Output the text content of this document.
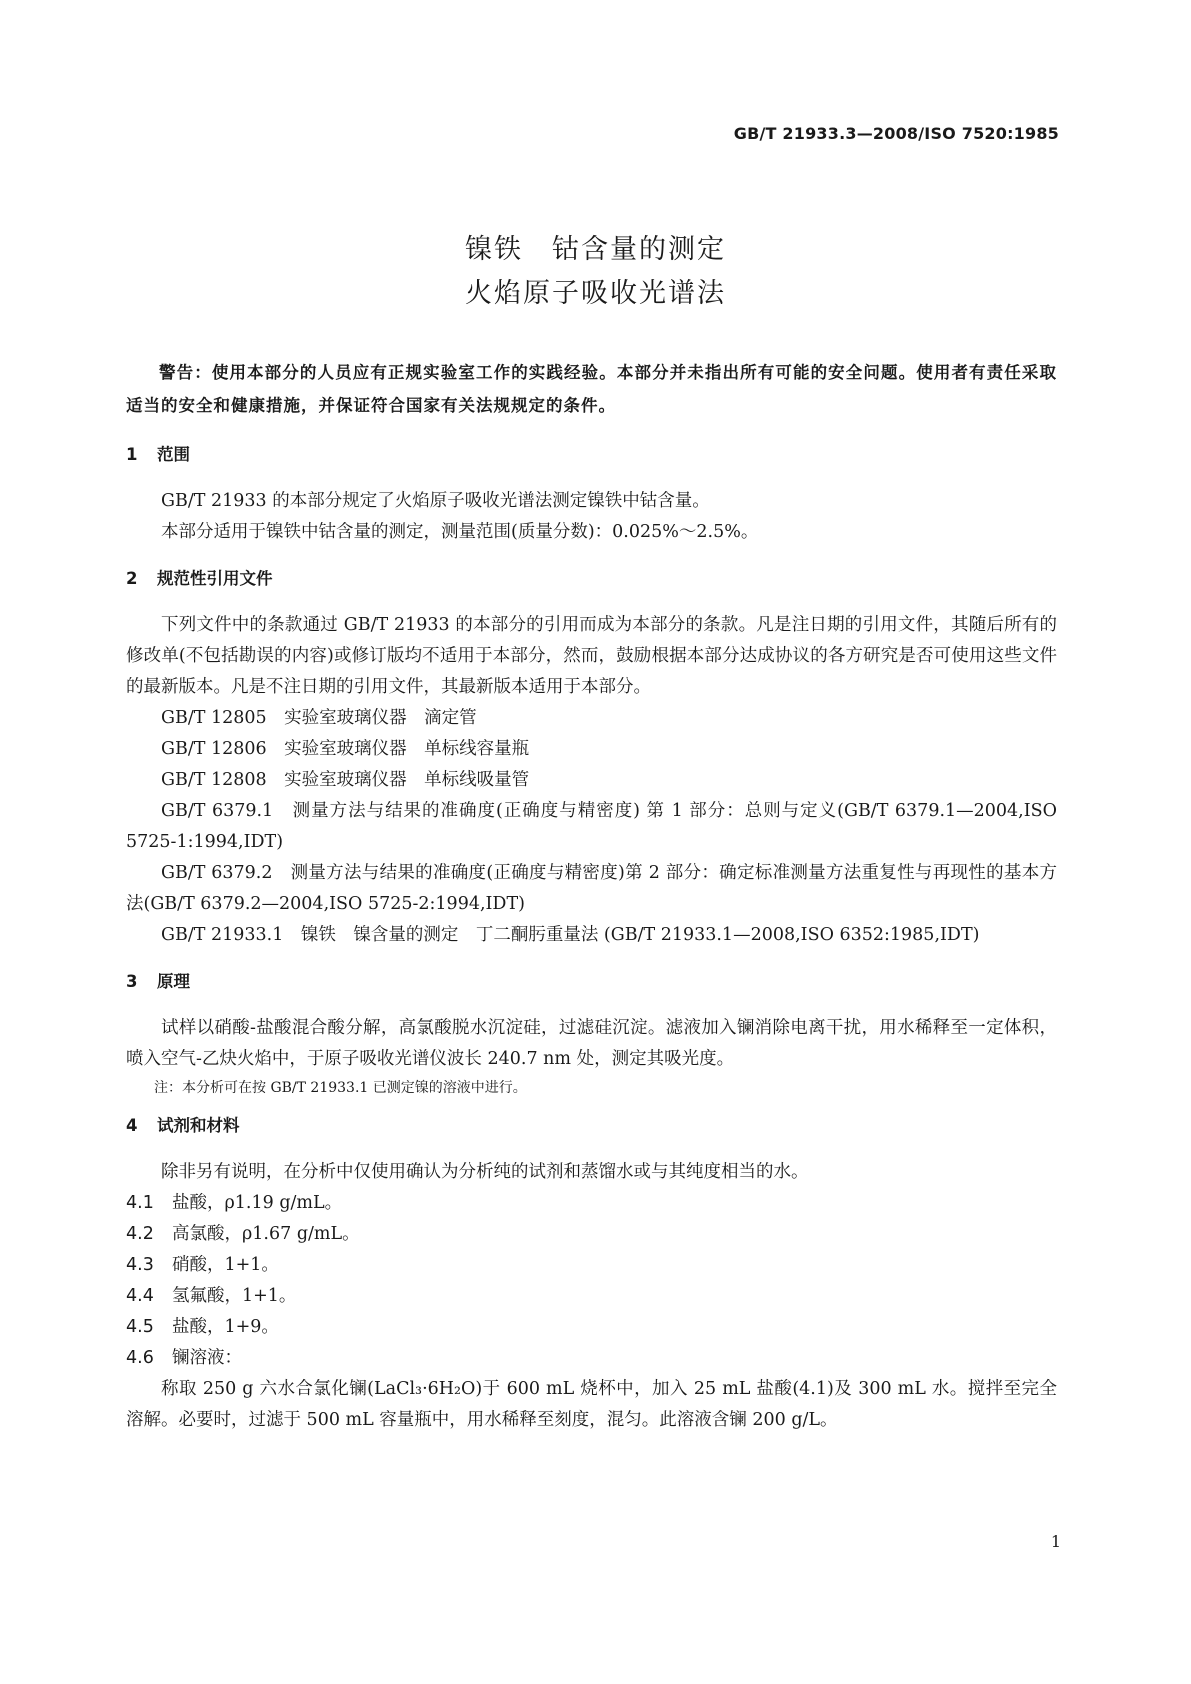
GB/T 21933.3—2008/ISO 7520:1985
镍铁　钴含量的测定
火焰原子吸收光谱法

警告：使用本部分的人员应有正规实验室工作的实践经验。本部分并未指出所有可能的安全问题。使用者有责任采取适当的安全和健康措施，并保证符合国家有关法规规定的条件。

1 范围

GB/T 21933 的本部分规定了火焰原子吸收光谱法测定镍铁中钴含量。

本部分适用于镍铁中钴含量的测定，测量范围(质量分数)：0.025%～2.5%。

2 规范性引用文件

下列文件中的条款通过 GB/T 21933 的本部分的引用而成为本部分的条款。凡是注日期的引用文件，其随后所有的修改单(不包括勘误的内容)或修订版均不适用于本部分，然而，鼓励根据本部分达成协议的各方研究是否可使用这些文件的最新版本。凡是不注日期的引用文件，其最新版本适用于本部分。

GB/T 12805　实验室玻璃仪器　滴定管

GB/T 12806　实验室玻璃仪器　单标线容量瓶

GB/T 12808　实验室玻璃仪器　单标线吸量管

GB/T 6379.1　测量方法与结果的准确度(正确度与精密度) 第 1 部分：总则与定义(GB/T 6379.1—2004,ISO 5725-1:1994,IDT)

GB/T 6379.2　测量方法与结果的准确度(正确度与精密度)第 2 部分：确定标准测量方法重复性与再现性的基本方法(GB/T 6379.2—2004,ISO 5725-2:1994,IDT)

GB/T 21933.1　镍铁　镍含量的测定　丁二酮肟重量法 (GB/T 21933.1—2008,ISO 6352:1985,IDT)

3 原理

试样以硝酸-盐酸混合酸分解，高氯酸脱水沉淀硅，过滤硅沉淀。滤液加入镧消除电离干扰，用水稀释至一定体积，喷入空气-乙炔火焰中，于原子吸收光谱仪波长 240.7 nm 处，测定其吸光度。

注：本分析可在按 GB/T 21933.1 已测定镍的溶液中进行。

4 试剂和材料

除非另有说明，在分析中仅使用确认为分析纯的试剂和蒸馏水或与其纯度相当的水。

4.1 盐酸，ρ1.19 g/mL。

4.2 高氯酸，ρ1.67 g/mL。

4.3 硝酸，1+1。

4.4 氢氟酸，1+1。

4.5 盐酸，1+9。

4.6 镧溶液：

称取 250 g 六水合氯化镧(LaCl₃·6H₂O)于 600 mL 烧杯中，加入 25 mL 盐酸(4.1)及 300 mL 水。搅拌至完全溶解。必要时，过滤于 500 mL 容量瓶中，用水稀释至刻度，混匀。此溶液含镧 200 g/L。

1
